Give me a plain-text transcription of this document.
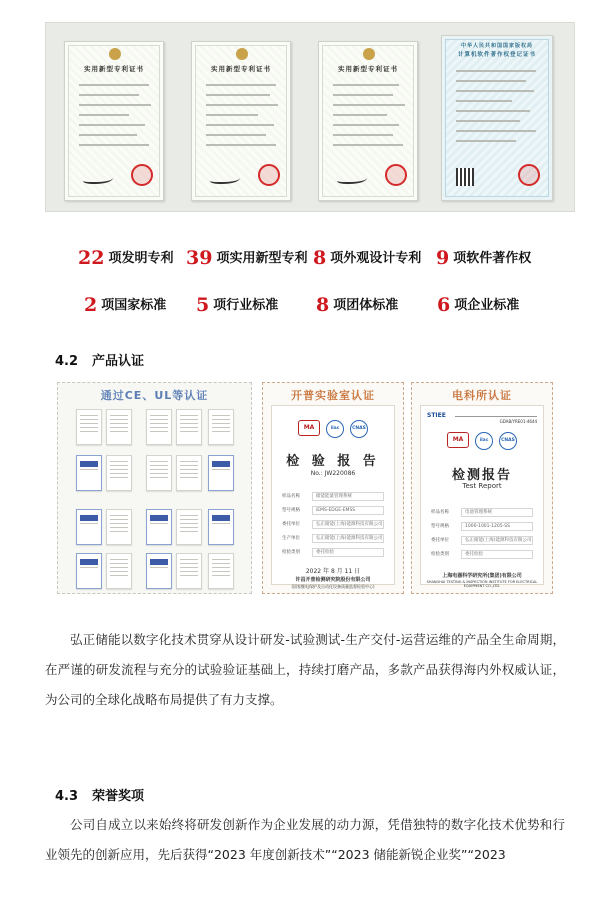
实用新型专利证书	实用新型专利证书	实用新型专利证书
中华人民共和国国家版权局
计算机软件著作权登记证书
22 项发明专利 39 项实用新型专利 8 项外观设计专利 9 项软件著作权
2 项国家标准 5 项行业标准 8 项团体标准 6 项企业标准
4.2 产品认证
通过CE、UL等认证	开普实验室认证
MA	ilac	CNAS
检 验 报 告
No.: JW220086
样品名称	储能能量管理系统
型号规格	iEMS-EDGE-EMSS
委托单位	弘正储能(上海)能源科技有限公司
生产单位	弘正储能(上海)能源科技有限公司
检验类别	委托检验
2022 年 8 月 11 日
许昌开普检测研究院股份有限公司
(国家继电保护及自动化设备质量监督检验中心)
电科所认证
STIEE
GDAB/YRE01-4644
MA	ilac	CNAS
检测报告
Test Report
样品名称	电池管理系统
型号规格	1000-1001-1205-SS
委托单位	弘正储能(上海)能源科技有限公司
检验类别	委托检验
上海电器科学研究所(集团)有限公司
SHANGHAI TESTING & INSPECTION INSTITUTE FOR ELECTRICAL EQUIPMENT CO.,LTD.
弘正储能以数字化技术贯穿从设计研发-试验测试-生产交付-运营运维的产品全生命周期，在严谨的研发流程与充分的试验验证基础上，持续打磨产品，多款产品获得海内外权威认证，为公司的全球化战略布局提供了有力支撑。
4.3 荣誉奖项
公司自成立以来始终将研发创新作为企业发展的动力源，凭借独特的数字化技术优势和行业领先的创新应用，先后获得“2023 年度创新技术”“2023 储能新锐企业奖”“2023
